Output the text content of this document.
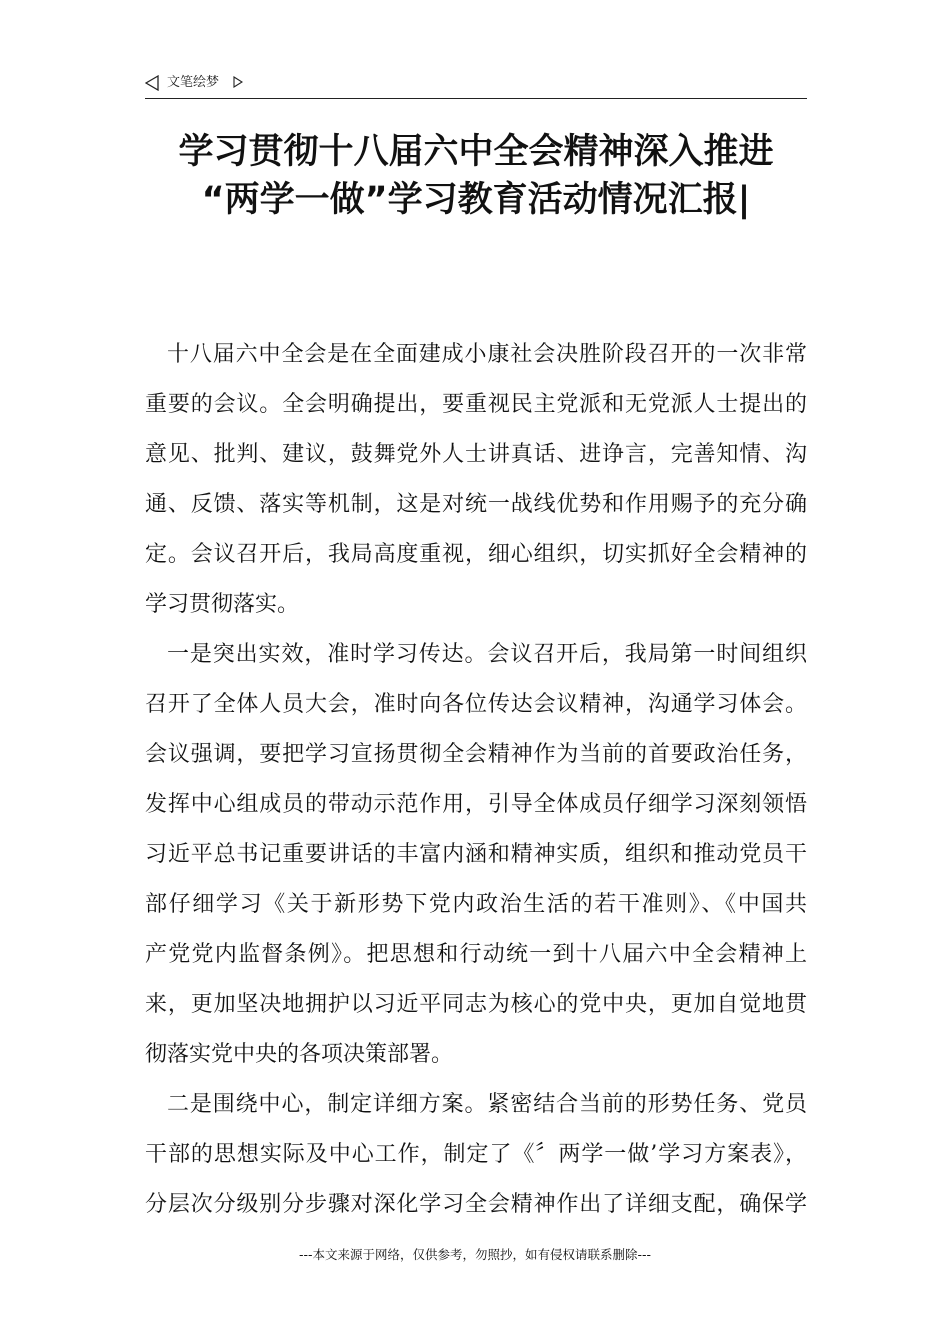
文笔绘梦
学习贯彻十八届六中全会精神深入推进
“两学一做”学习教育活动情况汇报|
十八届六中全会是在全面建成小康社会决胜阶段召开的一次非常
重要的会议。全会明确提出，要重视民主党派和无党派人士提出的
意见、批判、建议，鼓舞党外人士讲真话、进诤言，完善知情、沟
通、反馈、落实等机制，这是对统一战线优势和作用赐予的充分确
定。会议召开后，我局高度重视，细心组织，切实抓好全会精神的
学习贯彻落实。
一是突出实效，准时学习传达。会议召开后，我局第一时间组织
召开了全体人员大会，准时向各位传达会议精神，沟通学习体会。
会议强调，要把学习宣扬贯彻全会精神作为当前的首要政治任务，
发挥中心组成员的带动示范作用，引导全体成员仔细学习深刻领悟
习近平总书记重要讲话的丰富内涵和精神实质，组织和推动党员干
部仔细学习《关于新形势下党内政治生活的若干准则》、《中国共
产党党内监督条例》。把思想和行动统一到十八届六中全会精神上
来，更加坚决地拥护以习近平同志为核心的党中央，更加自觉地贯
彻落实党中央的各项决策部署。
二是围绕中心，制定详细方案。紧密结合当前的形势任务、党员
干部的思想实际及中心工作，制定了《〞两学一做’学习方案表》，
分层次分级别分步骤对深化学习全会精神作出了详细支配，确保学
---本文来源于网络，仅供参考，勿照抄，如有侵权请联系删除---
